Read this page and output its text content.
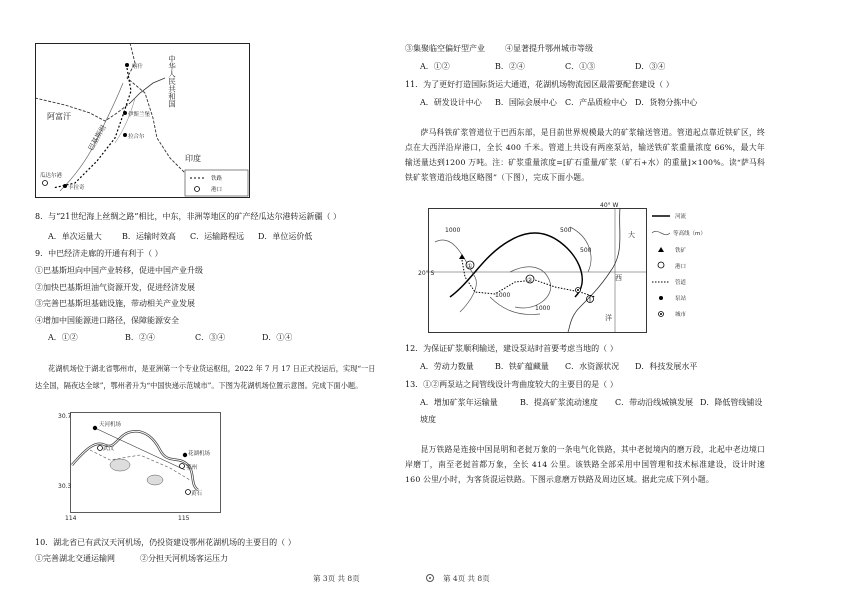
喀什
伊斯兰堡
拉合尔
卡拉奇
瓜达尔港
阿富汗
印度
巴基斯坦
中华人民共和国
铁路
港口
8．与“21世纪海上丝绸之路”相比，中东，非洲等地区的矿产经瓜达尔港转运新疆（ ）
A．单次运量大	B．运输时效高 C．运输路程远 D．单位运价低
9．中巴经济走廊的开通有利于（ ）
①巴基斯坦向中国产业转移，促进中国产业升级
②加快巴基斯坦油气资源开发，促进经济发展
③完善巴基斯坦基础设施，带动相关产业发展
④增加中国能源进口路径，保障能源安全
A．①②	B．②④	C．③④	D．①④
花湖机场位于湖北省鄂州市，是亚洲第一个专业货运枢纽，2022 年 7 月 17 日正式投运后，实现“一日
达全国，隔夜达全球”，鄂州者升为“中国快递示范城市”。下图为花湖机场位置示意图。完成下面小题。
30.7
30.3
114	115
天河机场
武汉
花湖机场
鄂州
黄石
10．湖北省已有武汉天河机场，仍投资建设鄂州花湖机场的主要目的（ ）
①完善湖北交通运输网	②分担天河机场客运压力
第 3页 共 8页
③集聚临空偏好型产业	④显著提升鄂州城市等级
A．①②	B．②④	C．①③	D．③④
11．为了更好打造国际货运大通道，花湖机场物流园区最需要配套建设（ ）
A．研发设计中心 B．国际会展中心 C．产品质检中心 D．货物分拣中心
萨马科铁矿浆管道位于巴西东部，是目前世界规模最大的矿浆输送管道。管道起点靠近铁矿区，终点在大西洋沿岸港口，全长 400 千米。管道上共设有两座泵站，输送铁矿浆重量浓度 66%，最大年输送量达到1200 万吨。注：矿浆重量浓度=[矿石重量/矿浆（矿石+水）的重量]×100%。读“萨马科铁矿浆管道沿线地区略图”（下图），完成下面小题。
40° W
20° S
1000	500
500
1000
1000
①
②
大
西
洋
河流
等高线（m）
铁矿
港口
管道
泵站
城市
12．为保证矿浆顺利输送，建设泵站时首要考虑当地的（ ）
A．劳动力数量	B．铁矿蕴藏量 C．水资源状况 D．科技发展水平
13．①②两泵站之间管线设计弯曲度较大的主要目的是（ ）
A．增加矿浆年运输量	B．提高矿浆流动速度 C．带动沿线城镇发展 D．降低管线铺设
坡度
昆万铁路是连接中国昆明和老挝万象的一条电气化铁路，其中老挝境内的磨万段，北起中老边境口岸磨丁，南至老挝首都万象，全长 414 公里。该铁路全部采用中国管理和技术标准建设，设计时速 160 公里/小时，为客货混运铁路。下图示意磨万铁路及周边区域。据此完成下列小题。
第 4页 共 8页
